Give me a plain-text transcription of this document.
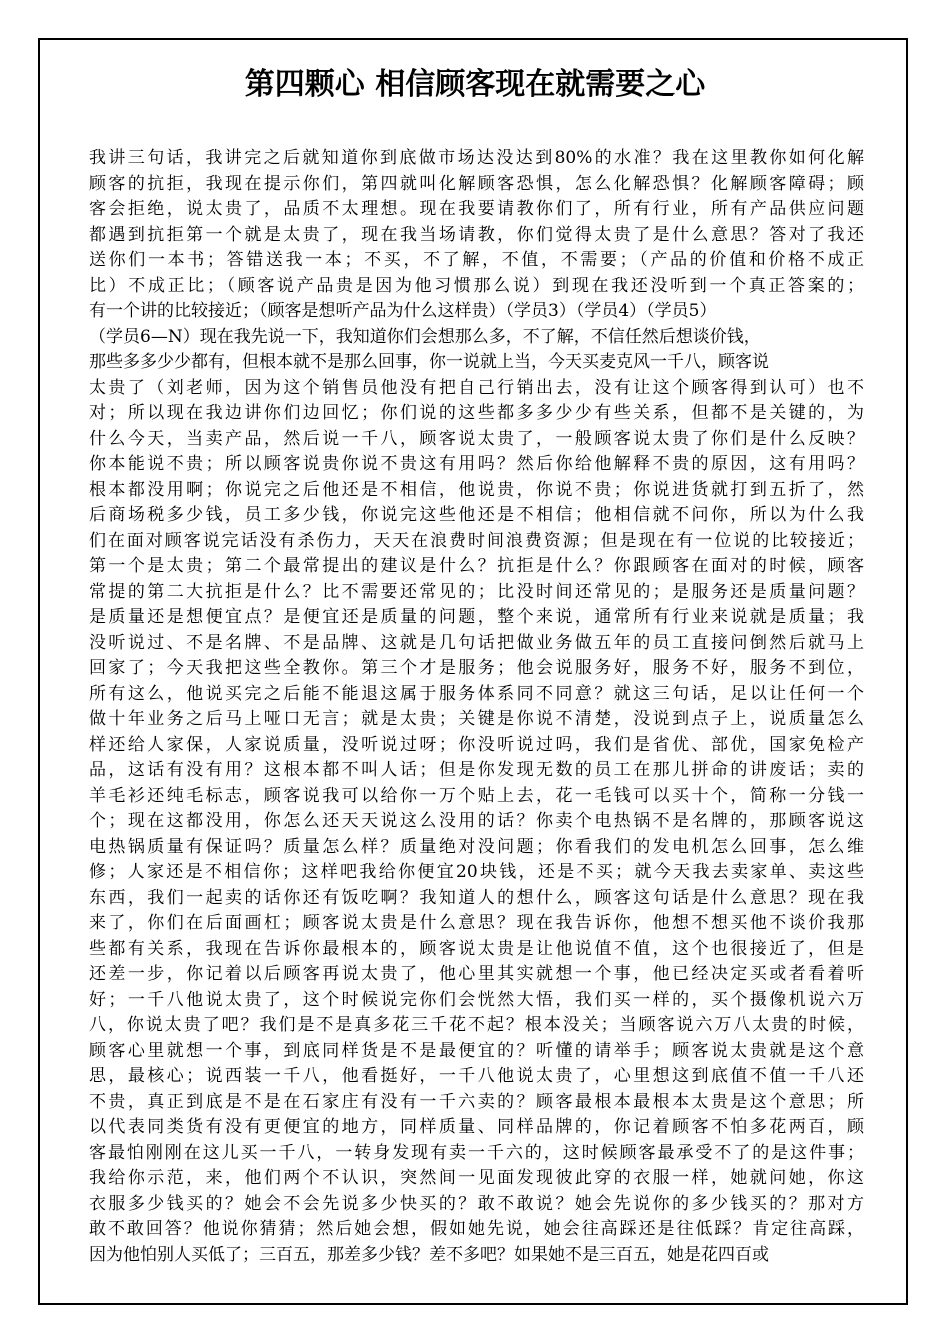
第四颗心 相信顾客现在就需要之心
我讲三句话，我讲完之后就知道你到底做市场达没达到80%的水准？我在这里教你如何化解
顾客的抗拒，我现在提示你们，第四就叫化解顾客恐惧，怎么化解恐惧？化解顾客障碍；顾
客会拒绝，说太贵了，品质不太理想。现在我要请教你们了，所有行业，所有产品供应问题
都遇到抗拒第一个就是太贵了，现在我当场请教，你们觉得太贵了是什么意思？答对了我还
送你们一本书；答错送我一本；不买，不了解，不值，不需要；（产品的价值和价格不成正
比）不成正比；（顾客说产品贵是因为他习惯那么说）到现在我还没听到一个真正答案的；
有一个讲的比较接近；（顾客是想听产品为什么这样贵）（学员3）（学员4）（学员5）
（学员6—N）现在我先说一下，我知道你们会想那么多，不了解，不信任然后想谈价钱，
那些多多少少都有，但根本就不是那么回事，你一说就上当，今天买麦克风一千八，顾客说
太贵了（刘老师，因为这个销售员他没有把自己行销出去，没有让这个顾客得到认可）也不
对；所以现在我边讲你们边回忆；你们说的这些都多多少少有些关系，但都不是关键的，为
什么今天，当卖产品，然后说一千八，顾客说太贵了，一般顾客说太贵了你们是什么反映？
你本能说不贵；所以顾客说贵你说不贵这有用吗？然后你给他解释不贵的原因，这有用吗？
根本都没用啊；你说完之后他还是不相信，他说贵，你说不贵；你说进货就打到五折了，然
后商场税多少钱，员工多少钱，你说完这些他还是不相信；他相信就不问你，所以为什么我
们在面对顾客说完话没有杀伤力，天天在浪费时间浪费资源；但是现在有一位说的比较接近；
第一个是太贵；第二个最常提出的建议是什么？抗拒是什么？你跟顾客在面对的时候，顾客
常提的第二大抗拒是什么？比不需要还常见的；比没时间还常见的；是服务还是质量问题？
是质量还是想便宜点？是便宜还是质量的问题，整个来说，通常所有行业来说就是质量；我
没听说过、不是名牌、不是品牌、这就是几句话把做业务做五年的员工直接问倒然后就马上
回家了；今天我把这些全教你。第三个才是服务；他会说服务好，服务不好，服务不到位，
所有这么，他说买完之后能不能退这属于服务体系同不同意？就这三句话，足以让任何一个
做十年业务之后马上哑口无言；就是太贵；关键是你说不清楚，没说到点子上，说质量怎么
样还给人家保，人家说质量，没听说过呀；你没听说过吗，我们是省优、部优，国家免检产
品，这话有没有用？这根本都不叫人话；但是你发现无数的员工在那儿拼命的讲废话；卖的
羊毛衫还纯毛标志，顾客说我可以给你一万个贴上去，花一毛钱可以买十个，简称一分钱一
个；现在这都没用，你怎么还天天说这么没用的话？你卖个电热锅不是名牌的，那顾客说这
电热锅质量有保证吗？质量怎么样？质量绝对没问题；你看我们的发电机怎么回事，怎么维
修；人家还是不相信你；这样吧我给你便宜20块钱，还是不买；就今天我去卖家单、卖这些
东西，我们一起卖的话你还有饭吃啊？我知道人的想什么，顾客这句话是什么意思？现在我
来了，你们在后面画杠；顾客说太贵是什么意思？现在我告诉你，他想不想买他不谈价我那
些都有关系，我现在告诉你最根本的，顾客说太贵是让他说值不值，这个也很接近了，但是
还差一步，你记着以后顾客再说太贵了，他心里其实就想一个事，他已经决定买或者看着听
好；一千八他说太贵了，这个时候说完你们会恍然大悟，我们买一样的，买个摄像机说六万
八，你说太贵了吧？我们是不是真多花三千花不起？根本没关；当顾客说六万八太贵的时候，
顾客心里就想一个事，到底同样货是不是最便宜的？听懂的请举手；顾客说太贵就是这个意
思，最核心；说西装一千八，他看挺好，一千八他说太贵了，心里想这到底值不值一千八还
不贵，真正到底是不是在石家庄有没有一千六卖的？顾客最根本最根本太贵是这个意思；所
以代表同类货有没有更便宜的地方，同样质量、同样品牌的，你记着顾客不怕多花两百，顾
客最怕刚刚在这儿买一千八，一转身发现有卖一千六的，这时候顾客最承受不了的是这件事；
我给你示范，来，他们两个不认识，突然间一见面发现彼此穿的衣服一样，她就问她，你这
衣服多少钱买的？她会不会先说多少快买的？敢不敢说？她会先说你的多少钱买的？那对方
敢不敢回答？他说你猜猜；然后她会想，假如她先说，她会往高踩还是往低踩？肯定往高踩，
因为他怕别人买低了；三百五，那差多少钱？差不多吧？如果她不是三百五，她是花四百或
